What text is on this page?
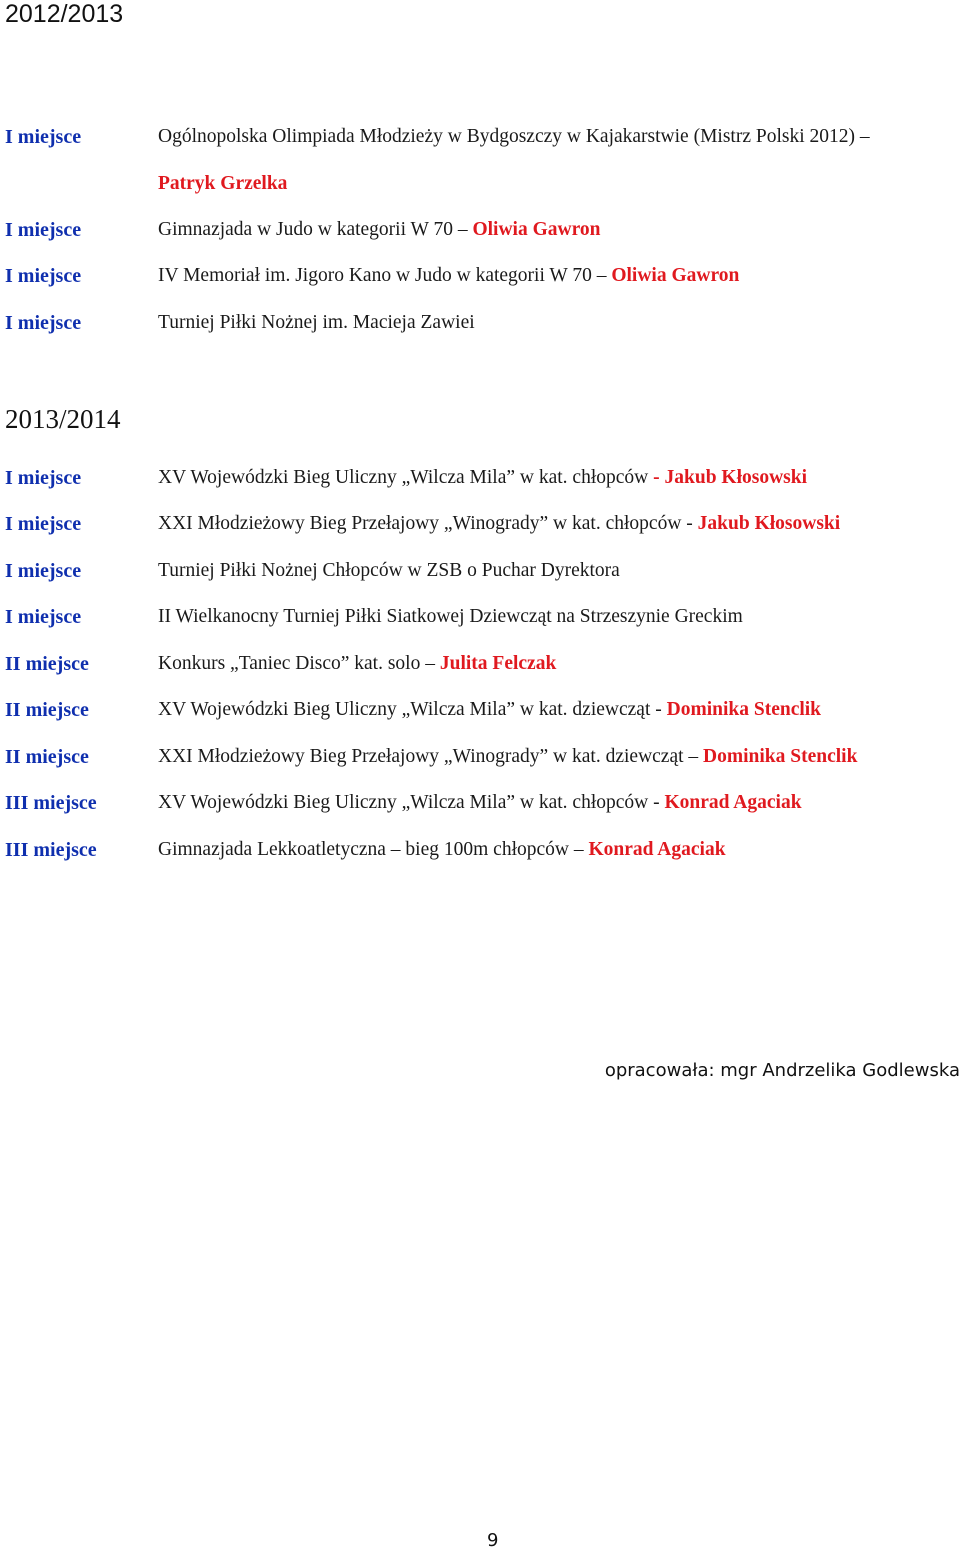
2012/2013
I miejsce	Ogólnopolska Olimpiada Młodzieży w Bydgoszczy w Kajakarstwie (Mistrz Polski 2012) –
Patryk Grzelka
I miejsce	Gimnazjada w Judo w kategorii W 70 – Oliwia Gawron
I miejsce	IV Memoriał im. Jigoro Kano w Judo w kategorii W 70 – Oliwia Gawron
I miejsce	Turniej Piłki Nożnej im. Macieja Zawiei
2013/2014
I miejsce	XV Wojewódzki Bieg Uliczny „Wilcza Mila” w kat. chłopców - Jakub Kłosowski
I miejsce	XXI Młodzieżowy Bieg Przełajowy „Winogrady” w kat. chłopców - Jakub Kłosowski
I miejsce	Turniej Piłki Nożnej Chłopców w ZSB o Puchar Dyrektora
I miejsce	II Wielkanocny Turniej Piłki Siatkowej Dziewcząt na Strzeszynie Greckim
II miejsce	Konkurs „Taniec Disco” kat. solo – Julita Felczak
II miejsce	XV Wojewódzki Bieg Uliczny „Wilcza Mila” w kat. dziewcząt - Dominika Stenclik
II miejsce	XXI Młodzieżowy Bieg Przełajowy „Winogrady” w kat. dziewcząt – Dominika Stenclik
III miejsce	XV Wojewódzki Bieg Uliczny „Wilcza Mila” w kat. chłopców - Konrad Agaciak
III miejsce	Gimnazjada Lekkoatletyczna – bieg 100m chłopców – Konrad Agaciak
opracowała: mgr Andrzelika Godlewska
9
